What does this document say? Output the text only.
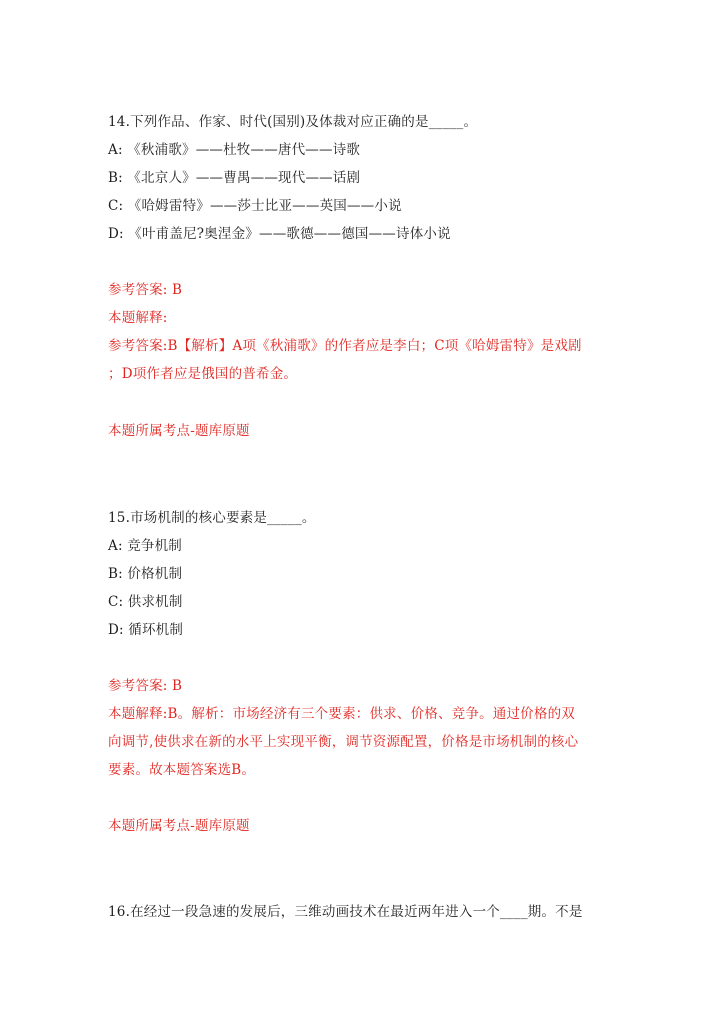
14.下列作品、作家、时代(国别)及体裁对应正确的是_____。
A: 《秋浦歌》——杜牧——唐代——诗歌
B: 《北京人》——曹禺——现代——话剧
C: 《哈姆雷特》——莎士比亚——英国——小说
D: 《叶甫盖尼?奥涅金》——歌德——德国——诗体小说
参考答案: B
本题解释:
参考答案:B【解析】A项《秋浦歌》的作者应是李白；C项《哈姆雷特》是戏剧
；D项作者应是俄国的普希金。
本题所属考点-题库原题
15.市场机制的核心要素是_____。
A: 竞争机制
B: 价格机制
C: 供求机制
D: 循环机制
参考答案: B
本题解释:B。解析：市场经济有三个要素：供求、价格、竞争。通过价格的双
向调节,使供求在新的水平上实现平衡，调节资源配置，价格是市场机制的核心
要素。故本题答案选B。
本题所属考点-题库原题
16.在经过一段急速的发展后，三维动画技术在最近两年进入一个____期。不是
